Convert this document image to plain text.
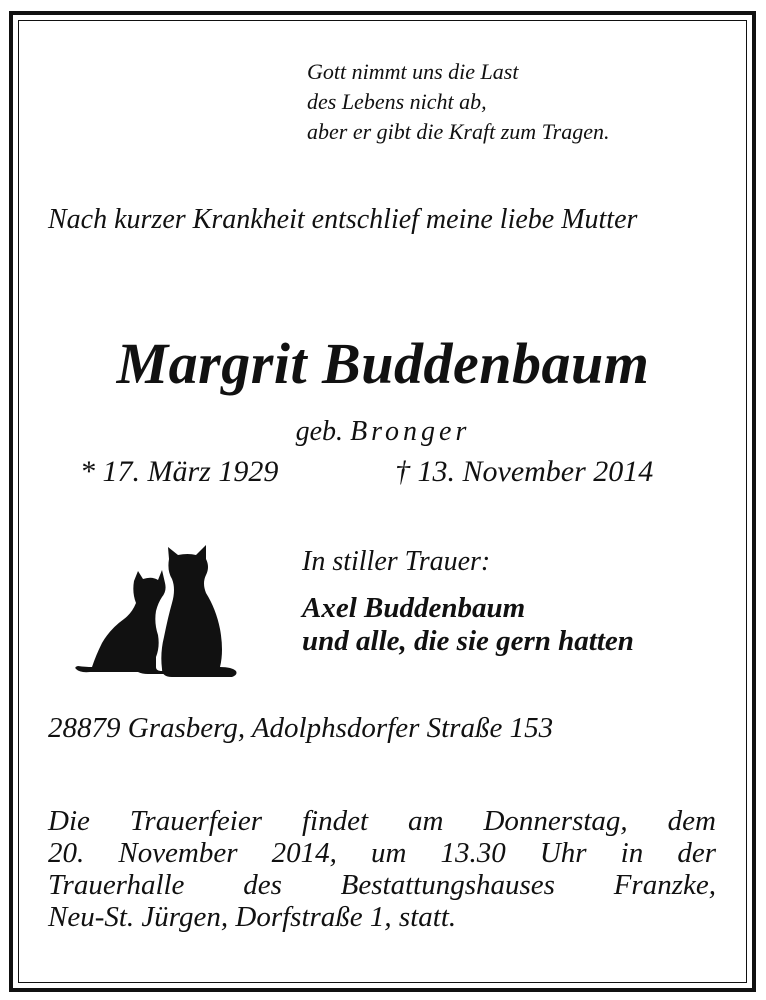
Gott nimmt uns die Last
des Lebens nicht ab,
aber er gibt die Kraft zum Tragen.
Nach kurzer Krankheit entschlief meine liebe Mutter
Margrit Buddenbaum
geb. Bronger
* 17. März 1929	† 13. November 2014
In stiller Trauer:
Axel Buddenbaum
und alle, die sie gern hatten
28879 Grasberg, Adolphsdorfer Straße 153
Die Trauerfeier findet am Donnerstag, dem
20. November 2014, um 13.30 Uhr in der
Trauerhalle des Bestattungshauses Franzke,
Neu-St. Jürgen, Dorfstraße 1, statt.
